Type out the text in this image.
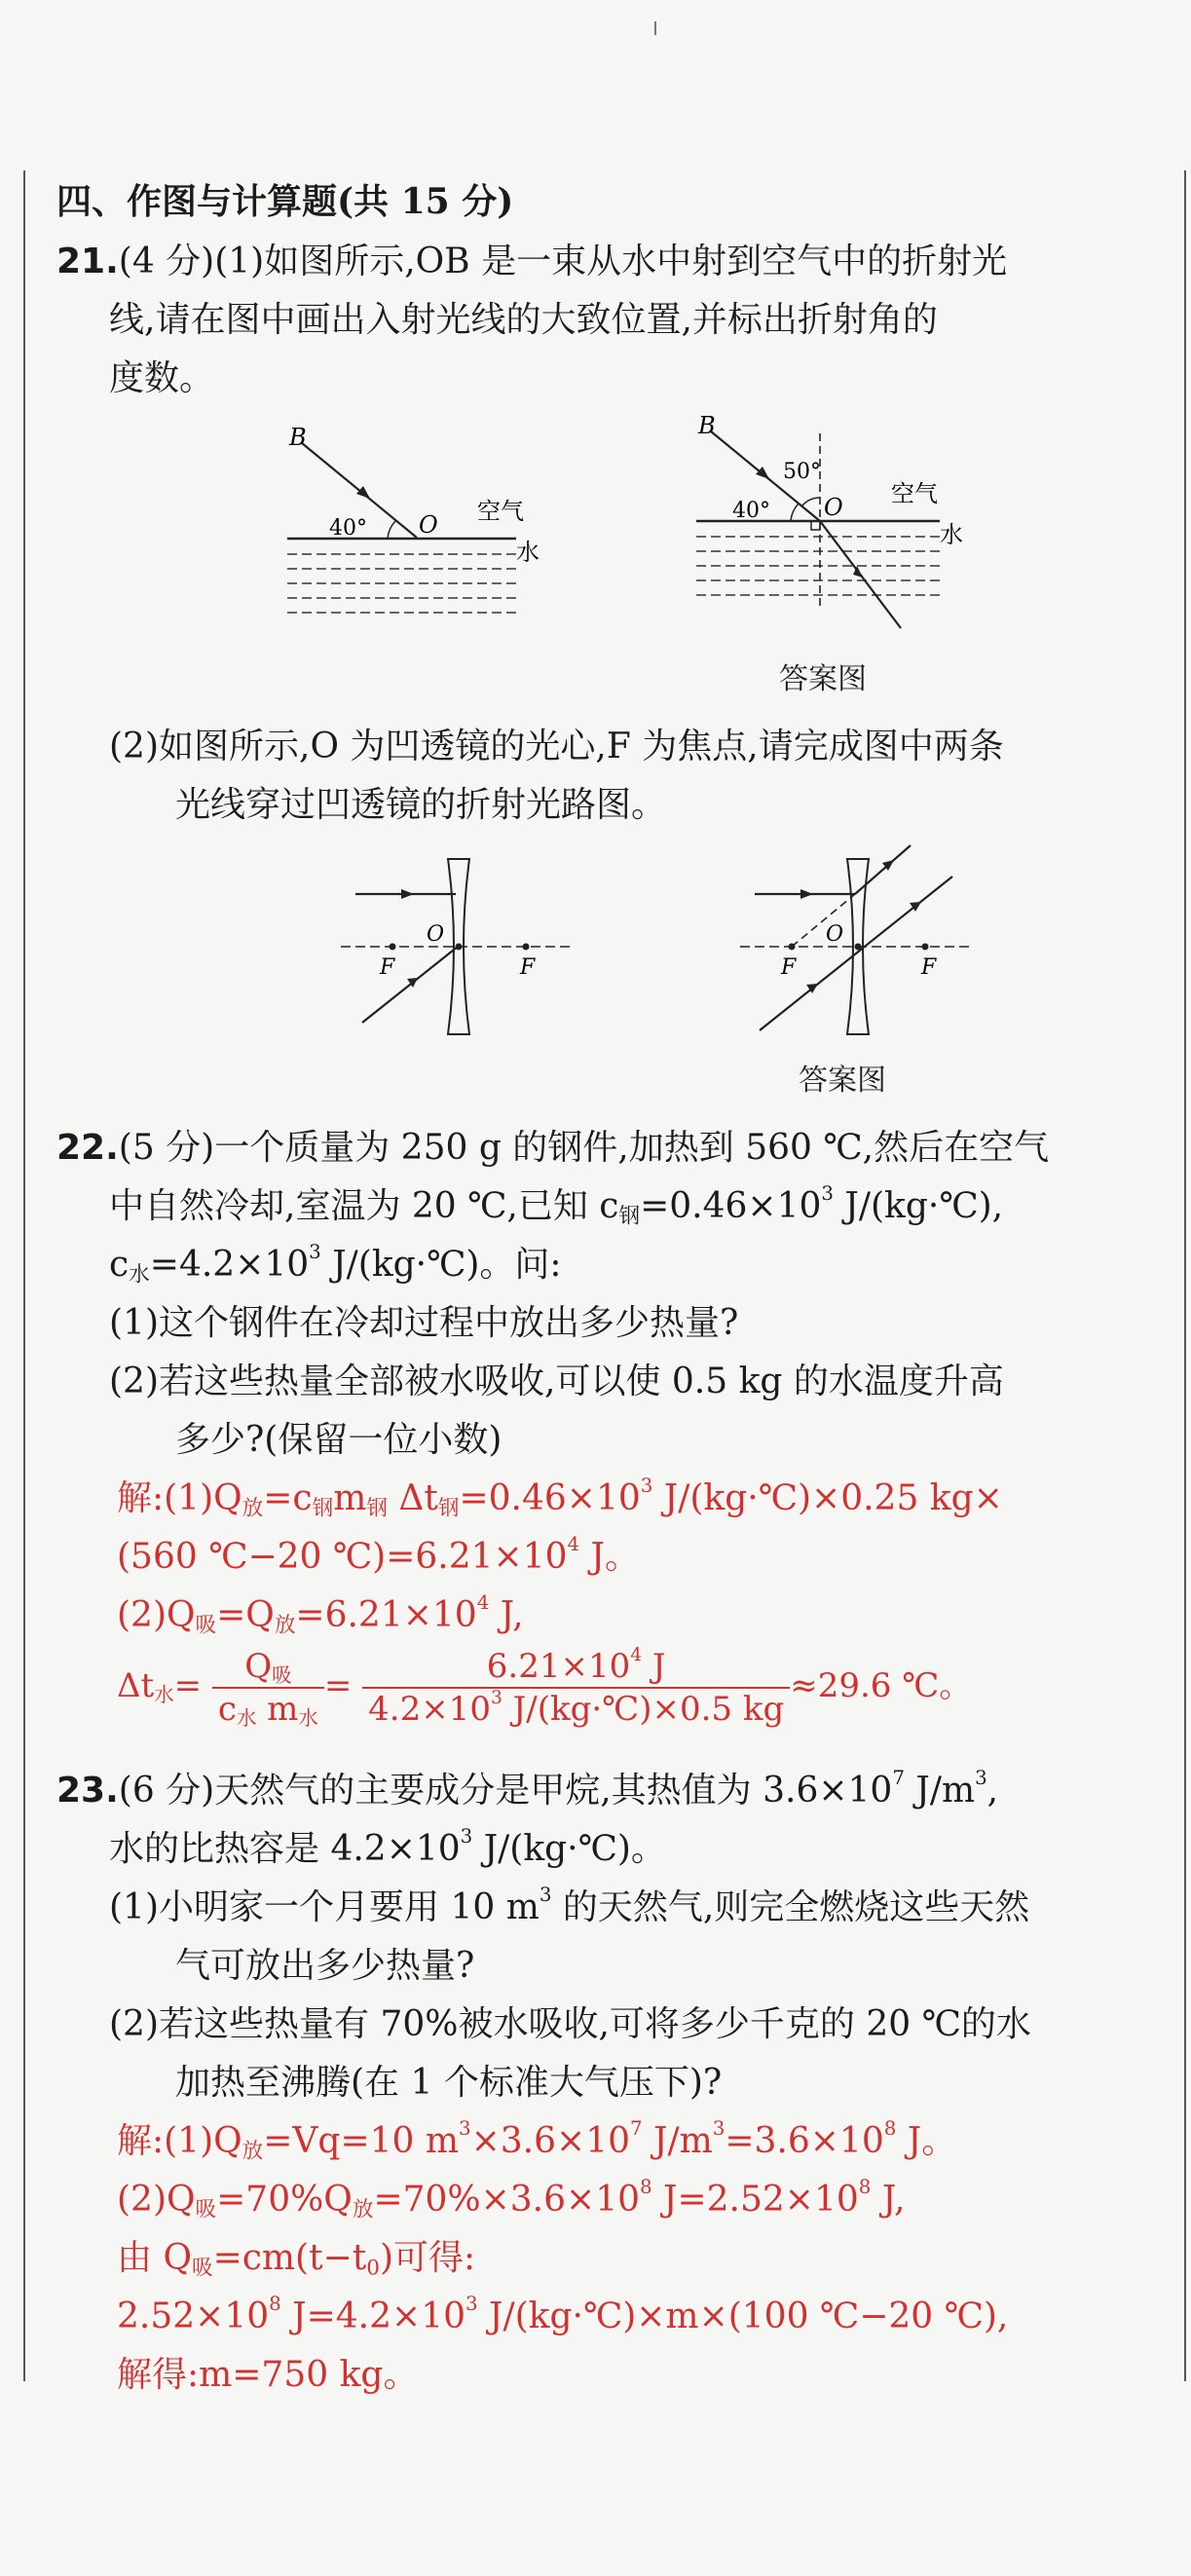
四、作图与计算题(共 15 分)
21.(4 分)(1)如图所示,OB 是一束从水中射到空气中的折射光
线,请在图中画出入射光线的大致位置,并标出折射角的
度数。
B
O
40°
空气
水
B
O
40°
50°
空气
水
答案图
(2)如图所示,O 为凹透镜的光心,F 为焦点,请完成图中两条
光线穿过凹透镜的折射光路图。
O
F	F
O
F	F
答案图
22.(5 分)一个质量为 250 g 的钢件,加热到 560 ℃,然后在空气
中自然冷却,室温为 20 ℃,已知 $c_钢=0.46\times 10^3$ J/(kg·℃),
$c_水=4.2\times 10^3$ J/(kg·℃)。问:
(1)这个钢件在冷却过程中放出多少热量?
(2)若这些热量全部被水吸收,可以使 0.5 kg 的水温度升高
多少?(保留一位小数)
解$:(1)Q_放=c_钢m_钢$ $\Delta t_钢=0.46\times 10^3$ J/(kg·℃)×0.25 kg×
(560 ℃−20 $℃)=6.21\times 10^4$ J。
$(2)Q_吸=Q_放=6.21\times 10^4$ J,
$\Delta t_水= \frac{Q_吸}{c_水 m_水} = \frac{6.21\times 10^4 J}{4.2\times 10^3 J/(kg\cdot℃)\times 0.5 kg} \approx 29.6$ ℃。
23.(6 分)天然气的主要成分是甲烷,其热值为 $3.6\times 10^7$ $J/m^3$,
水的比热容是 $4.2\times 10^3$ J/(kg·℃)。
(1)小明家一个月要用 10 $m^3$ 的天然气,则完全燃烧这些天然
气可放出多少热量?
(2)若这些热量有 70%被水吸收,可将多少千克的 20 ℃的水
加热至沸腾(在 1 个标准大气压下)?
解$:(1)Q_放=Vq=10$ $m^3\times 3.6\times 10^7$ $J/m^3=3.6\times 10^8$ J。
$(2)Q_吸=70\%Q_放=70\%\times 3.6\times 10^8$ $J=2.52\times 10^8$ J,
由 $Q_吸=cm(t-t_0)$可得:
$2.52\times 10^8$ $J=4.2\times 10^3$ J/(kg·℃)×m×(100 ℃−20 ℃),
解得:m=750 kg。
